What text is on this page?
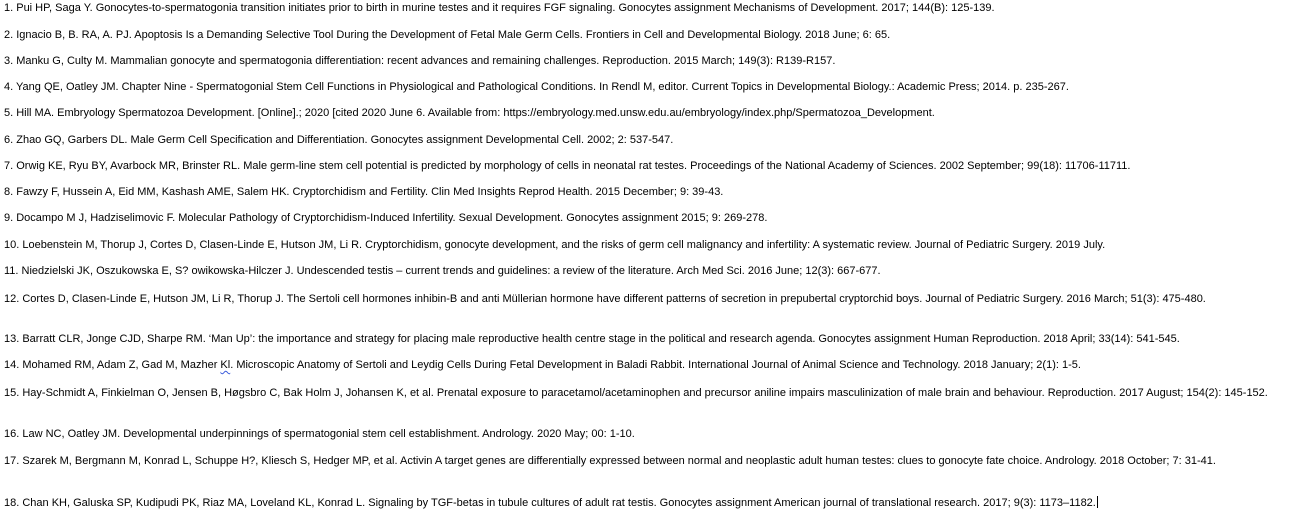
1. Pui HP, Saga Y. Gonocytes-to-spermatogonia transition initiates prior to birth in murine testes and it requires FGF signaling. Gonocytes assignment Mechanisms of Development. 2017; 144(B): 125-139.
2. Ignacio B, B. RA, A. PJ. Apoptosis Is a Demanding Selective Tool During the Development of Fetal Male Germ Cells. Frontiers in Cell and Developmental Biology. 2018 June; 6: 65.
3. Manku G, Culty M. Mammalian gonocyte and spermatogonia differentiation: recent advances and remaining challenges. Reproduction. 2015 March; 149(3): R139-R157.
4. Yang QE, Oatley JM. Chapter Nine - Spermatogonial Stem Cell Functions in Physiological and Pathological Conditions. In Rendl M, editor. Current Topics in Developmental Biology.: Academic Press; 2014. p. 235-267.
5. Hill MA. Embryology Spermatozoa Development. [Online].; 2020 [cited 2020 June 6. Available from: https://embryology.med.unsw.edu.au/embryology/index.php/Spermatozoa_Development.
6. Zhao GQ, Garbers DL. Male Germ Cell Specification and Differentiation. Gonocytes assignment Developmental Cell. 2002; 2: 537-547.
7. Orwig KE, Ryu BY, Avarbock MR, Brinster RL. Male germ-line stem cell potential is predicted by morphology of cells in neonatal rat testes. Proceedings of the National Academy of Sciences. 2002 September; 99(18): 11706-11711.
8. Fawzy F, Hussein A, Eid MM, Kashash AME, Salem HK. Cryptorchidism and Fertility. Clin Med Insights Reprod Health. 2015 December; 9: 39-43.
9. Docampo M J, Hadziselimovic F. Molecular Pathology of Cryptorchidism-Induced Infertility. Sexual Development. Gonocytes assignment 2015; 9: 269-278.
10. Loebenstein M, Thorup J, Cortes D, Clasen-Linde E, Hutson JM, Li R. Cryptorchidism, gonocyte development, and the risks of germ cell malignancy and infertility: A systematic review. Journal of Pediatric Surgery. 2019 July.
11. Niedzielski JK, Oszukowska E, S? owikowska-Hilczer J. Undescended testis – current trends and guidelines: a review of the literature. Arch Med Sci. 2016 June; 12(3): 667-677.
12. Cortes D, Clasen-Linde E, Hutson JM, Li R, Thorup J. The Sertoli cell hormones inhibin-B and anti Müllerian hormone have different patterns of secretion in prepubertal cryptorchid boys. Journal of Pediatric Surgery. 2016 March; 51(3): 475-480.
13. Barratt CLR, Jonge CJD, Sharpe RM. ‘Man Up’: the importance and strategy for placing male reproductive health centre stage in the political and research agenda. Gonocytes assignment Human Reproduction. 2018 April; 33(14): 541-545.
14. Mohamed RM, Adam Z, Gad M, Mazher Kl. Microscopic Anatomy of Sertoli and Leydig Cells During Fetal Development in Baladi Rabbit. International Journal of Animal Science and Technology. 2018 January; 2(1): 1-5.
15. Hay-Schmidt A, Finkielman O, Jensen B, Høgsbro C, Bak Holm J, Johansen K, et al. Prenatal exposure to paracetamol/acetaminophen and precursor aniline impairs masculinization of male brain and behaviour. Reproduction. 2017 August; 154(2): 145-152.
16. Law NC, Oatley JM. Developmental underpinnings of spermatogonial stem cell establishment. Andrology. 2020 May; 00: 1-10.
17. Szarek M, Bergmann M, Konrad L, Schuppe H?, Kliesch S, Hedger MP, et al. Activin A target genes are differentially expressed between normal and neoplastic adult human testes: clues to gonocyte fate choice. Andrology. 2018 October; 7: 31-41.
18. Chan KH, Galuska SP, Kudipudi PK, Riaz MA, Loveland KL, Konrad L. Signaling by TGF-betas in tubule cultures of adult rat testis. Gonocytes assignment American journal of translational research. 2017; 9(3): 1173–1182.
